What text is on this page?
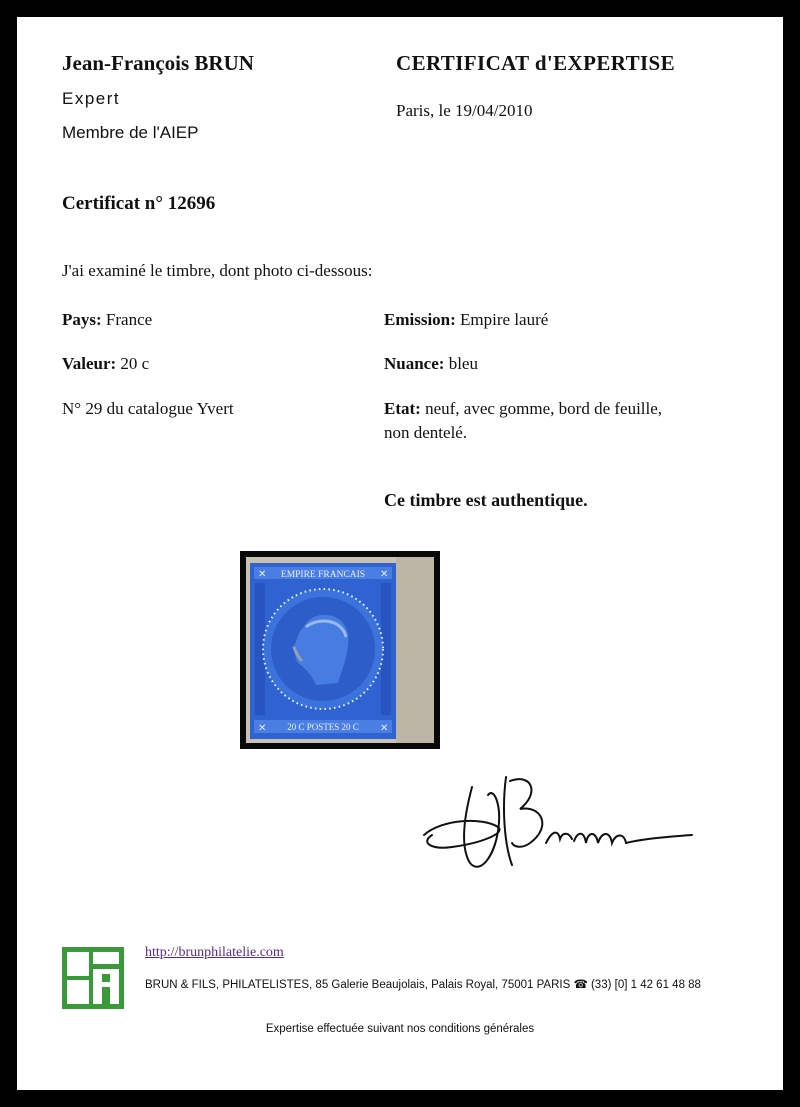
Jean-François BRUN
Expert
Membre de l'AIEP
CERTIFICAT d'EXPERTISE
Paris, le 19/04/2010
Certificat n° 12696
J'ai examiné le timbre, dont photo ci-dessous:
Pays: France
Valeur: 20 c
N° 29 du catalogue Yvert
Emission: Empire lauré
Nuance: bleu
Etat: neuf, avec gomme, bord de feuille,
non dentelé.
Ce timbre est authentique.
EMPIRE FRANCAIS
✕	✕
20 C POSTES 20 C
✕	✕
http://brunphilatelie.com
BRUN & FILS, PHILATELISTES, 85 Galerie Beaujolais, Palais Royal, 75001 PARIS ☎ (33) [0] 1 42 61 48 88
Expertise effectuée suivant nos conditions générales
